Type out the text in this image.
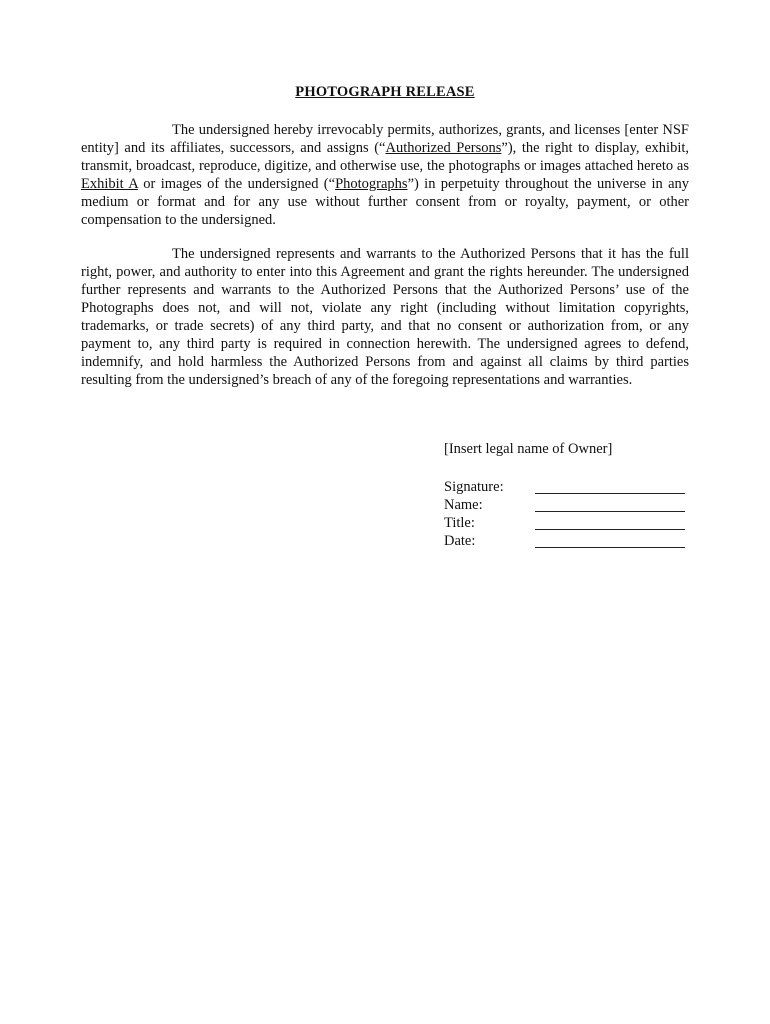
PHOTOGRAPH RELEASE

The undersigned hereby irrevocably permits, authorizes, grants, and licenses [enter NSF entity] and its affiliates, successors, and assigns (“Authorized Persons”), the right to display, exhibit, transmit, broadcast, reproduce, digitize, and otherwise use, the photographs or images attached hereto as Exhibit A or images of the undersigned (“Photographs”) in perpetuity throughout the universe in any medium or format and for any use without further consent from or royalty, payment, or other compensation to the undersigned.

The undersigned represents and warrants to the Authorized Persons that it has the full right, power, and authority to enter into this Agreement and grant the rights hereunder. The undersigned further represents and warrants to the Authorized Persons that the Authorized Persons’ use of the Photographs does not, and will not, violate any right (including without limitation copyrights, trademarks, or trade secrets) of any third party, and that no consent or authorization from, or any payment to, any third party is required in connection herewith. The undersigned agrees to defend, indemnify, and hold harmless the Authorized Persons from and against all claims by third parties resulting from the undersigned’s breach of any of the foregoing representations and warranties.

[Insert legal name of Owner]
Signature:
Name:
Title:
Date:
